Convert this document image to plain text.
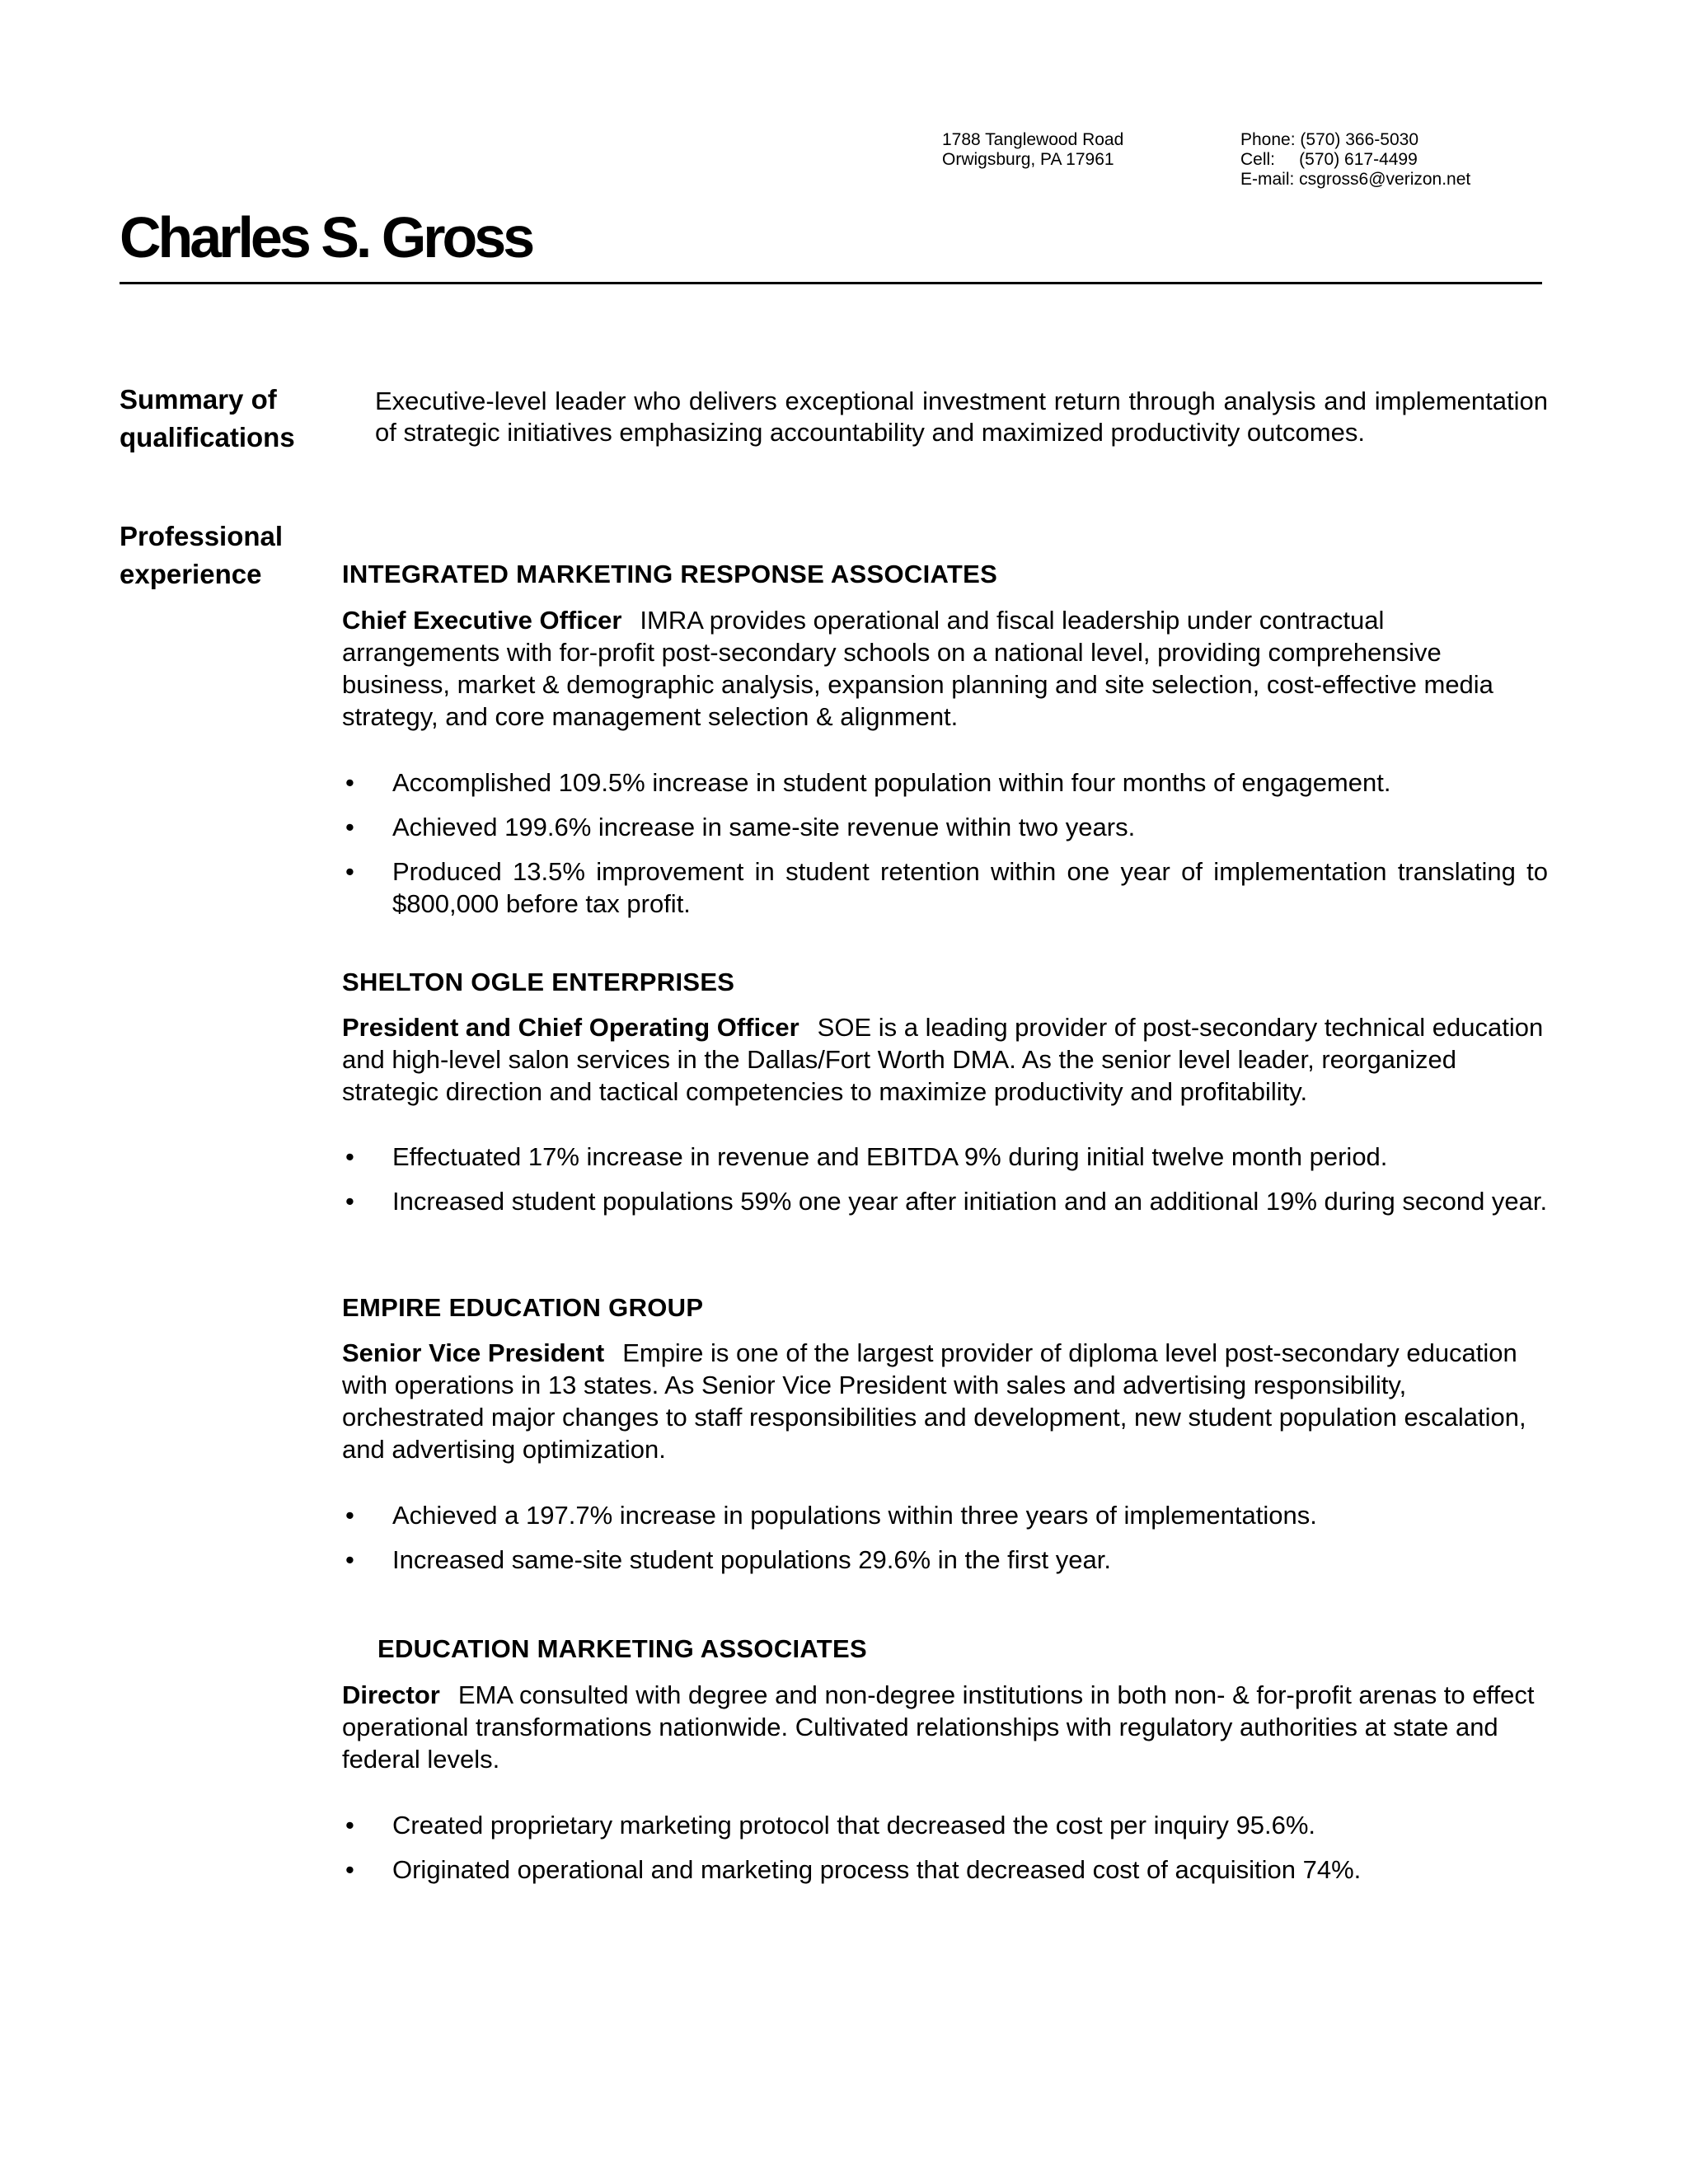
1788 Tanglewood Road
Orwigsburg, PA 17961
Phone: (570) 366-5030
Cell:     (570) 617-4499
E-mail: csgross6@verizon.net
Charles S. Gross
Summary of
qualifications

Executive-level leader who delivers exceptional investment return through analysis and implementation of strategic initiatives emphasizing accountability and maximized productivity outcomes.

Professional
experience	INTEGRATED MARKETING RESPONSE ASSOCIATES

Chief Executive Officer IMRA provides operational and fiscal leadership under contractual arrangements with for-profit post-secondary schools on a national level, providing comprehensive business, market & demographic analysis, expansion planning and site selection, cost-effective media strategy, and core management selection & alignment.

• Accomplished 109.5% increase in student population within four months of engagement.
• Achieved 199.6% increase in same-site revenue within two years.
• Produced 13.5% improvement in student retention within one year of implementation translating to $800,000 before tax profit.
SHELTON OGLE ENTERPRISES

President and Chief Operating Officer SOE is a leading provider of post-secondary technical education and high-level salon services in the Dallas/Fort Worth DMA. As the senior level leader, reorganized strategic direction and tactical competencies to maximize productivity and profitability.

• Effectuated 17% increase in revenue and EBITDA 9% during initial twelve month period.
• Increased student populations 59% one year after initiation and an additional 19% during second year.
EMPIRE EDUCATION GROUP

Senior Vice President Empire is one of the largest provider of diploma level post-secondary education with operations in 13 states. As Senior Vice President with sales and advertising responsibility, orchestrated major changes to staff responsibilities and development, new student population escalation, and advertising optimization.

• Achieved a 197.7% increase in populations within three years of implementations.
• Increased same-site student populations 29.6% in the first year.
EDUCATION MARKETING ASSOCIATES

Director EMA consulted with degree and non-degree institutions in both non- & for-profit arenas to effect operational transformations nationwide. Cultivated relationships with regulatory authorities at state and federal levels.

• Created proprietary marketing protocol that decreased the cost per inquiry 95.6%.
• Originated operational and marketing process that decreased cost of acquisition 74%.
